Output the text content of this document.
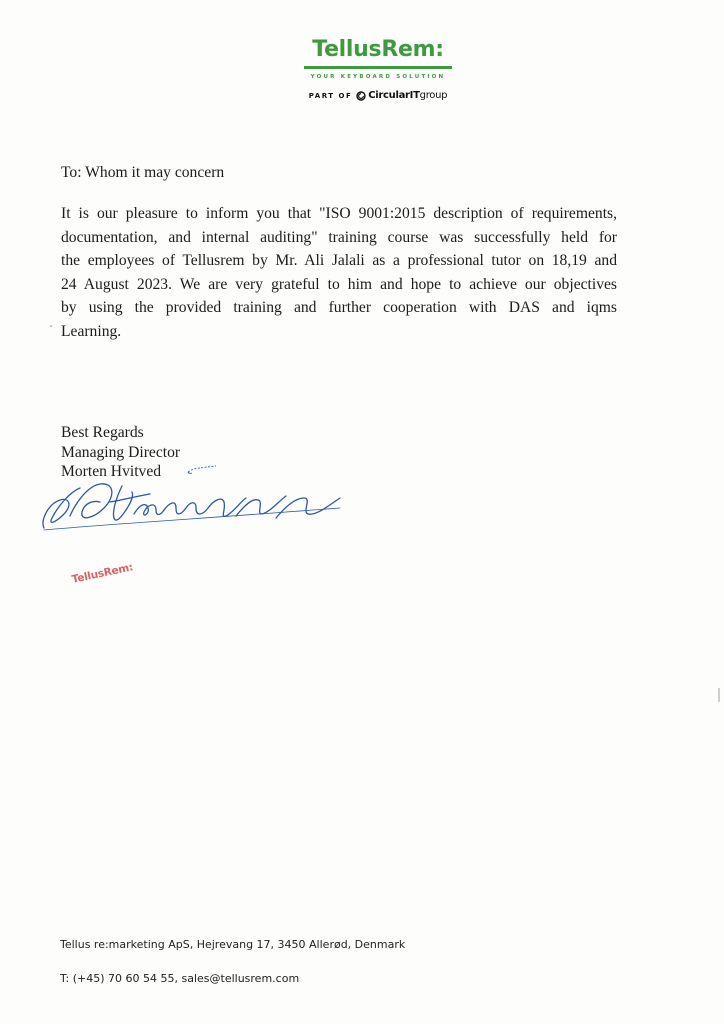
TellusRem:
YOUR KEYBOARD SOLUTION
PART OF CircularIT group
To: Whom it may concern
It is our pleasure to inform you that "ISO 9001:2015 description of requirements,
documentation, and internal auditing" training course was successfully held for
the employees of Tellusrem by Mr. Ali Jalali as a professional tutor on 18,19 and
24 August 2023. We are very grateful to him and hope to achieve our objectives
by using the provided training and further cooperation with DAS and iqms
Learning.
Best Regards
Managing Director
Morten Hvitved
TellusRem:
Tellus re:marketing ApS, Hejrevang 17, 3450 Allerød, Denmark
T: (+45) 70 60 54 55, sales@tellusrem.com
